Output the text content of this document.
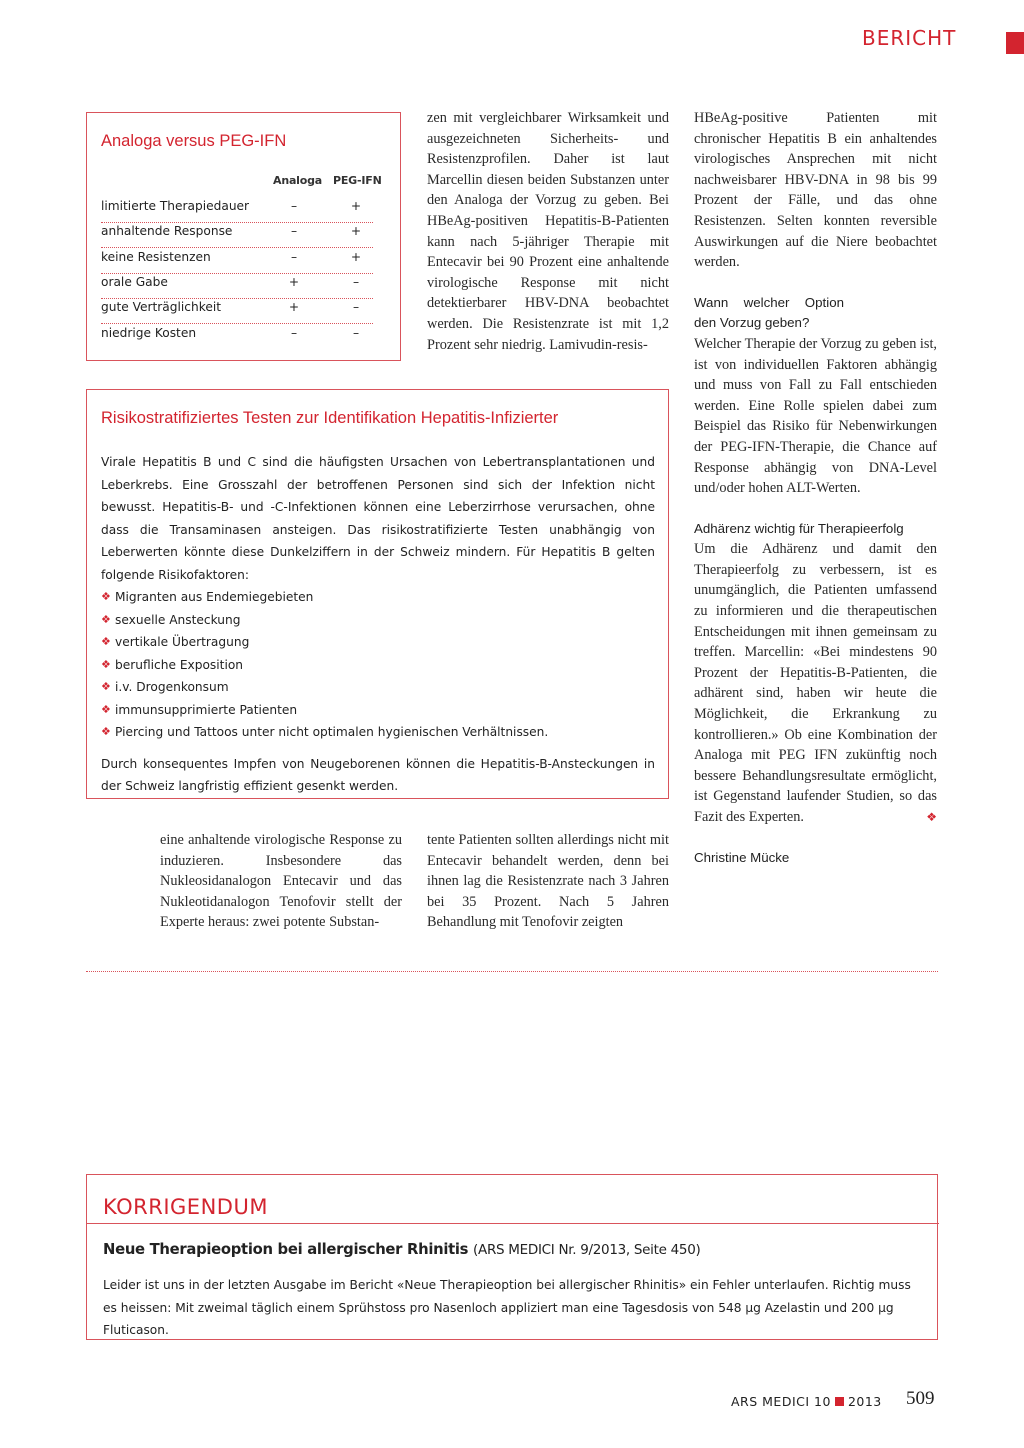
BERICHT
Analoga versus PEG-IFN
Analoga PEG-IFN
limitierte Therapiedauer	–	+
anhaltende Response	–	+
keine Resistenzen	–	+
orale Gabe	+	–
gute Verträglichkeit	+	–
niedrige Kosten	–	–

zen mit vergleichbarer Wirksamkeit und ausgezeichneten Sicherheits- und Resistenzprofilen. Daher ist laut Marcellin diesen beiden Substanzen unter den Analoga der Vorzug zu geben. Bei HBeAg-positiven Hepatitis-B-Patienten kann nach 5-jähriger Therapie mit Entecavir bei 90 Prozent eine anhaltende virologische Response mit nicht detektierbarer HBV-DNA beobachtet werden. Die Resistenzrate ist mit 1,2 Prozent sehr niedrig. Lamivudin-resis-

HBeAg-positive Patienten mit chronischer Hepatitis B ein anhaltendes virologisches Ansprechen mit nicht nachweisbarer HBV-DNA in 98 bis 99 Prozent der Fälle, und das ohne Resistenzen. Selten konnten reversible Auswirkungen auf die Niere beobachtet werden.

Wann welcher Option den Vorzug geben?

Welcher Therapie der Vorzug zu geben ist, ist von individuellen Faktoren abhängig und muss von Fall zu Fall entschieden werden. Eine Rolle spielen dabei zum Beispiel das Risiko für Nebenwirkungen der PEG-IFN-Therapie, die Chance auf Response abhängig von DNA-Level und/oder hohen ALT-Werten.

Adhärenz wichtig für Therapieerfolg

Um die Adhärenz und damit den Therapieerfolg zu verbessern, ist es unumgänglich, die Patienten umfassend zu informieren und die therapeutischen Entscheidungen mit ihnen gemeinsam zu treffen. Marcellin: «Bei mindestens 90 Prozent der Hepatitis-B-Patienten, die adhärent sind, haben wir heute die Möglichkeit, die Erkrankung zu kontrollieren.» Ob eine Kombination der Analoga mit PEG IFN zukünftig noch bessere Behandlungsresultate ermöglicht, ist Gegenstand laufender Studien, so das Fazit des Experten.	❖

Christine Mücke

Risikostratifiziertes Testen zur Identifikation Hepatitis-Infizierter

Virale Hepatitis B und C sind die häufigsten Ursachen von Lebertransplantationen und Leberkrebs. Eine Grosszahl der betroffenen Personen sind sich der Infektion nicht bewusst. Hepatitis-B- und -C-Infektionen können eine Leberzirrhose verursachen, ohne dass die Transaminasen ansteigen. Das risikostratifizierte Testen unabhängig von Leberwerten könnte diese Dunkelziffern in der Schweiz mindern. Für Hepatitis B gelten folgende Risikofaktoren:

❖ Migranten aus Endemiegebieten
❖ sexuelle Ansteckung
❖ vertikale Übertragung
❖ berufliche Exposition
❖ i.v. Drogenkonsum
❖ immunsupprimierte Patienten
❖ Piercing und Tattoos unter nicht optimalen hygienischen Verhältnissen.

Durch konsequentes Impfen von Neugeborenen können die Hepatitis-B-Ansteckungen in der Schweiz langfristig effizient gesenkt werden.

eine anhaltende virologische Response zu induzieren. Insbesondere das Nukleosidanalogon Entecavir und das Nukleotidanalogon Tenofovir stellt der Experte heraus: zwei potente Substan-

tente Patienten sollten allerdings nicht mit Entecavir behandelt werden, denn bei ihnen lag die Resistenzrate nach 3 Jahren bei 35 Prozent. Nach 5 Jahren Behandlung mit Tenofovir zeigten

KORRIGENDUM
Neue Therapieoption bei allergischer Rhinitis (ARS MEDICI Nr. 9/2013, Seite 450)

Leider ist uns in der letzten Ausgabe im Bericht «Neue Therapieoption bei allergischer Rhinitis» ein Fehler unterlaufen. Richtig muss es heissen: Mit zweimal täglich einem Sprühstoss pro Nasenloch appliziert man eine Tagesdosis von 548 µg Azelastin und 200 µg Fluticason.

ARS MEDICI 10 2013 509
